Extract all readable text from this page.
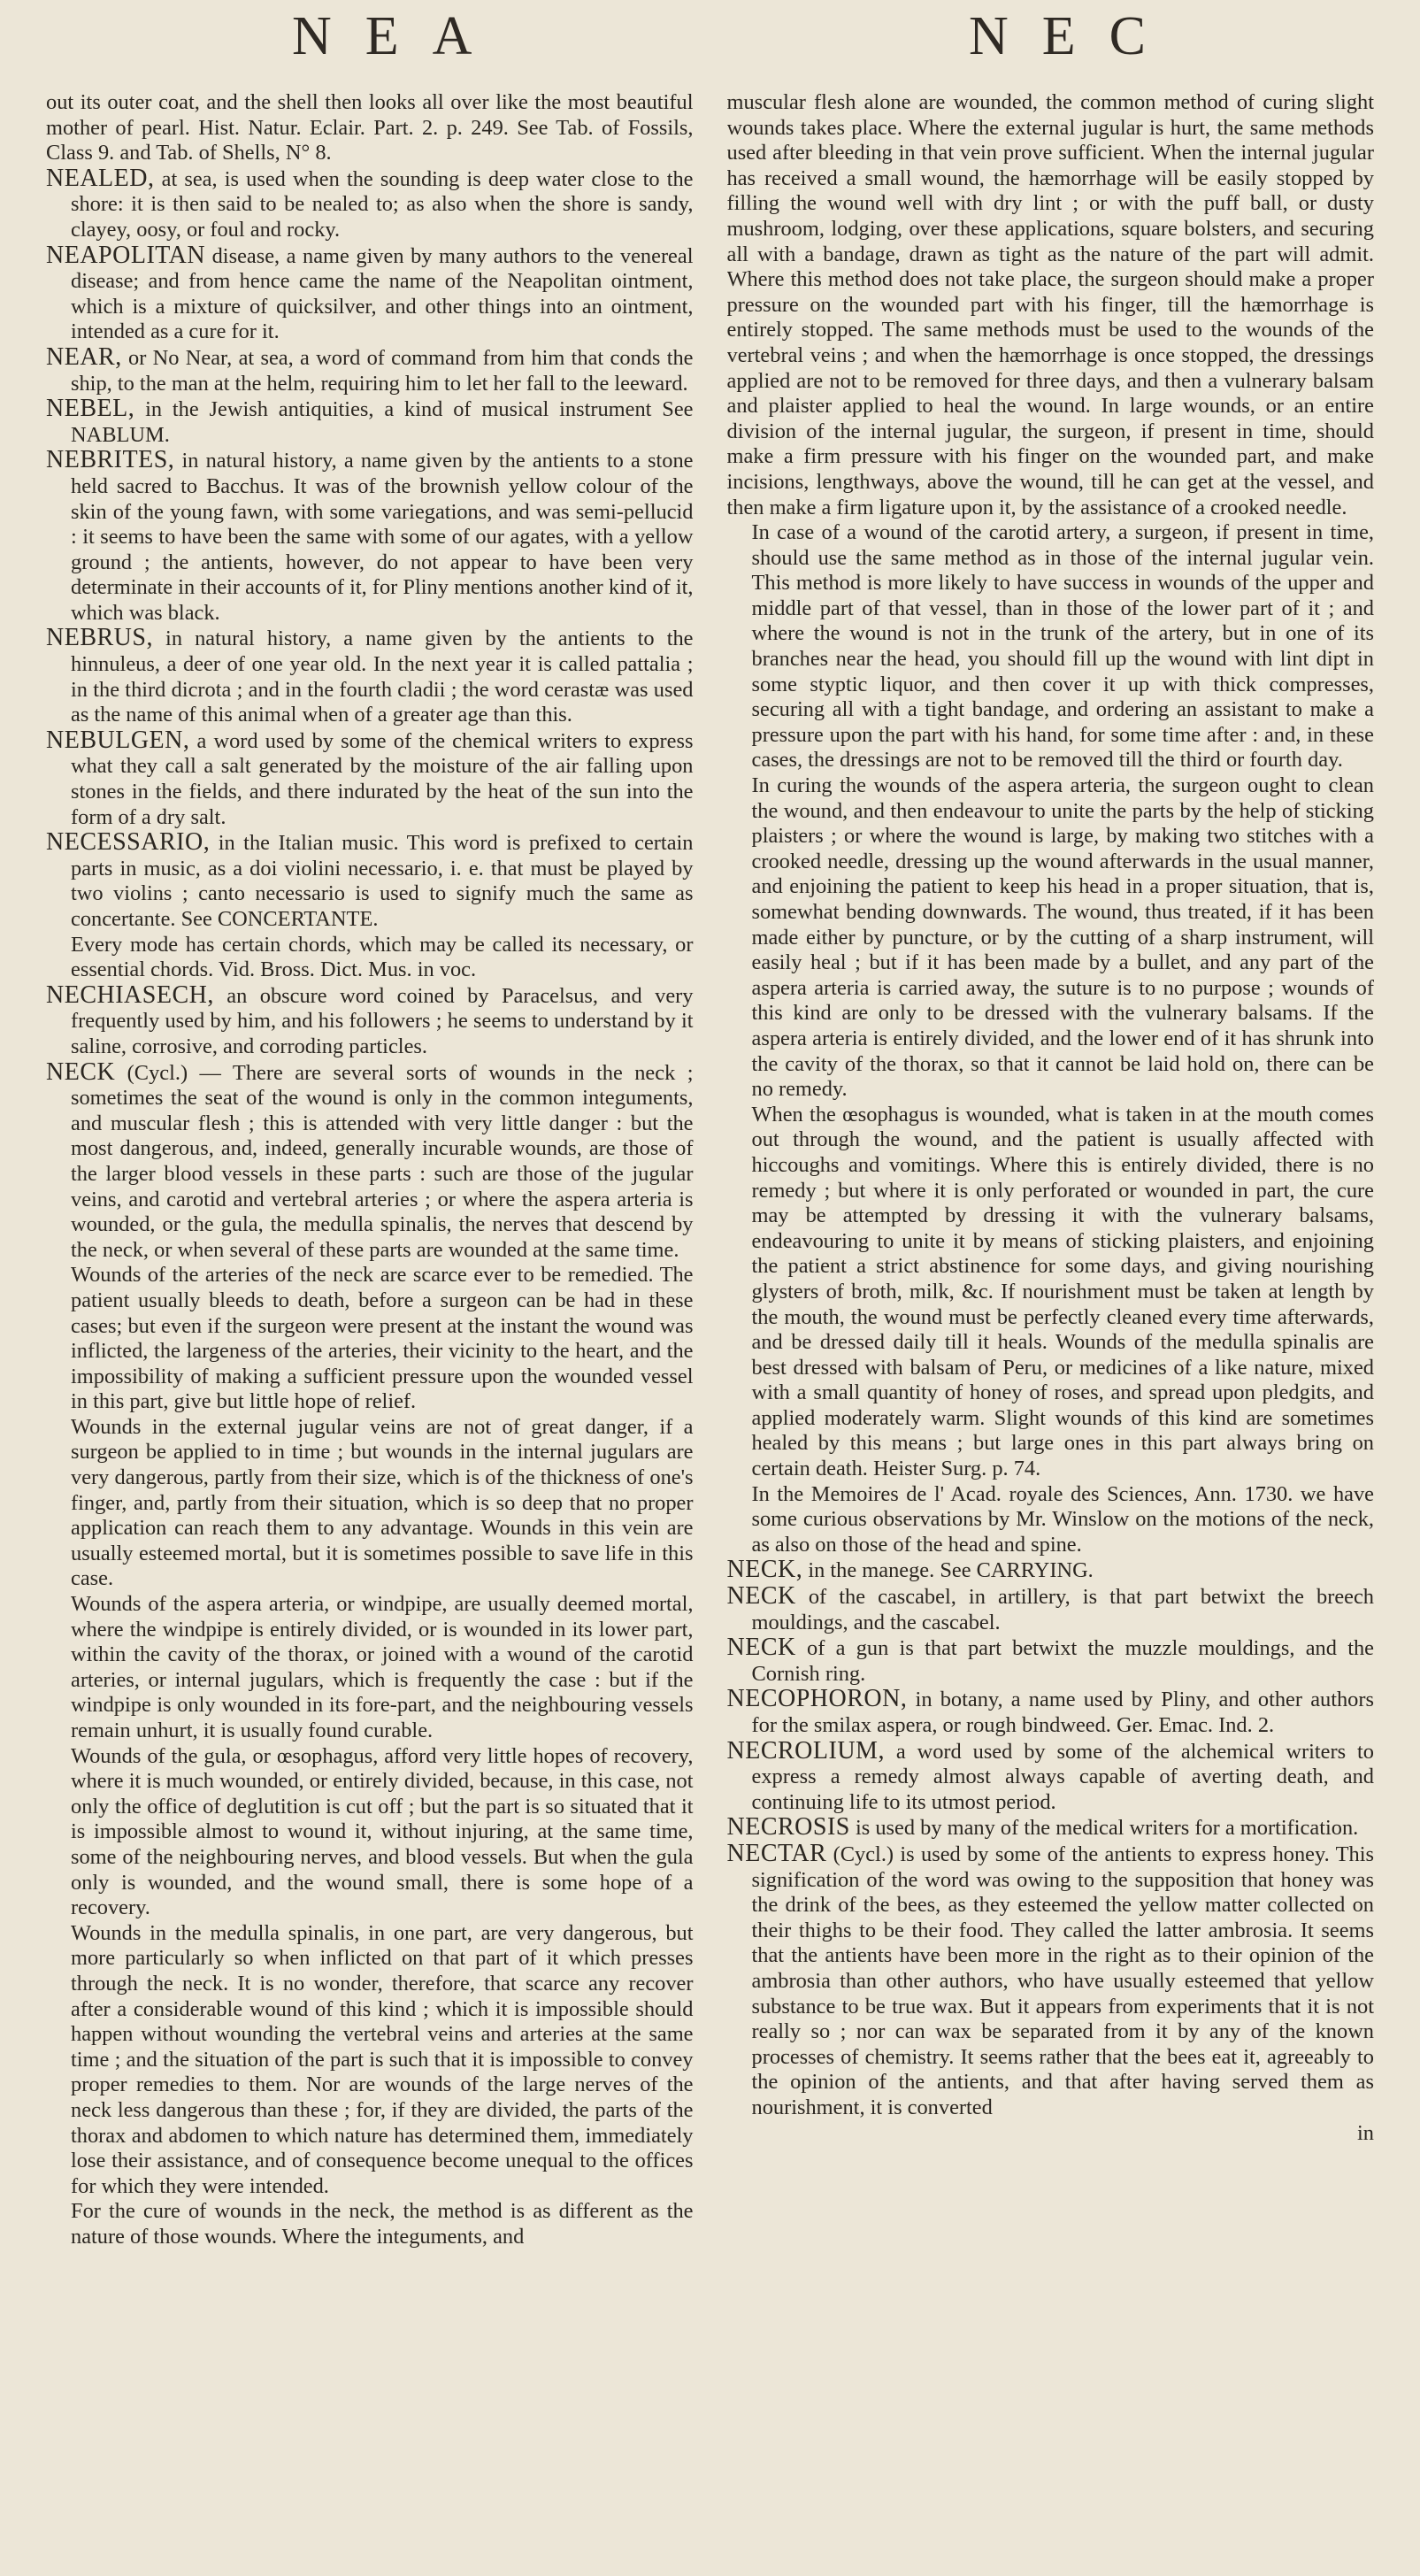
NEA	NEC

out its outer coat, and the shell then looks all over like the most beautiful mother of pearl. Hist. Natur. Eclair. Part. 2. p. 249. See Tab. of Fossils, Class 9. and Tab. of Shells, N° 8.

NEALED, at sea, is used when the sounding is deep water close to the shore: it is then said to be nealed to; as also when the shore is sandy, clayey, oosy, or foul and rocky.

NEAPOLITAN disease, a name given by many authors to the venereal disease; and from hence came the name of the Neapolitan ointment, which is a mixture of quicksilver, and other things into an ointment, intended as a cure for it.

NEAR, or No Near, at sea, a word of command from him that conds the ship, to the man at the helm, requiring him to let her fall to the leeward.

NEBEL, in the Jewish antiquities, a kind of musical instrument See NABLUM.

NEBRITES, in natural history, a name given by the antients to a stone held sacred to Bacchus. It was of the brownish yellow colour of the skin of the young fawn, with some variegations, and was semi-pellucid : it seems to have been the same with some of our agates, with a yellow ground ; the antients, however, do not appear to have been very determinate in their accounts of it, for Pliny mentions another kind of it, which was black.

NEBRUS, in natural history, a name given by the antients to the hinnuleus, a deer of one year old. In the next year it is called pattalia ; in the third dicrota ; and in the fourth cladii ; the word cerastæ was used as the name of this animal when of a greater age than this.

NEBULGEN, a word used by some of the chemical writers to express what they call a salt generated by the moisture of the air falling upon stones in the fields, and there indurated by the heat of the sun into the form of a dry salt.

NECESSARIO, in the Italian music. This word is prefixed to certain parts in music, as a doi violini necessario, i. e. that must be played by two violins ; canto necessario is used to signify much the same as concertante. See CONCERTANTE.

Every mode has certain chords, which may be called its necessary, or essential chords. Vid. Bross. Dict. Mus. in voc.

NECHIASECH, an obscure word coined by Paracelsus, and very frequently used by him, and his followers ; he seems to understand by it saline, corrosive, and corroding particles.

NECK (Cycl.) — There are several sorts of wounds in the neck ; sometimes the seat of the wound is only in the common integuments, and muscular flesh ; this is attended with very little danger : but the most dangerous, and, indeed, generally incurable wounds, are those of the larger blood vessels in these parts : such are those of the jugular veins, and carotid and vertebral arteries ; or where the aspera arteria is wounded, or the gula, the medulla spinalis, the nerves that descend by the neck, or when several of these parts are wounded at the same time.

Wounds of the arteries of the neck are scarce ever to be remedied. The patient usually bleeds to death, before a surgeon can be had in these cases; but even if the surgeon were present at the instant the wound was inflicted, the largeness of the arteries, their vicinity to the heart, and the impossibility of making a sufficient pressure upon the wounded vessel in this part, give but little hope of relief.

Wounds in the external jugular veins are not of great danger, if a surgeon be applied to in time ; but wounds in the internal jugulars are very dangerous, partly from their size, which is of the thickness of one's finger, and, partly from their situation, which is so deep that no proper application can reach them to any advantage. Wounds in this vein are usually esteemed mortal, but it is sometimes possible to save life in this case.

Wounds of the aspera arteria, or windpipe, are usually deemed mortal, where the windpipe is entirely divided, or is wounded in its lower part, within the cavity of the thorax, or joined with a wound of the carotid arteries, or internal jugulars, which is frequently the case : but if the windpipe is only wounded in its fore-part, and the neighbouring vessels remain unhurt, it is usually found curable.

Wounds of the gula, or œsophagus, afford very little hopes of recovery, where it is much wounded, or entirely divided, because, in this case, not only the office of deglutition is cut off ; but the part is so situated that it is impossible almost to wound it, without injuring, at the same time, some of the neighbouring nerves, and blood vessels. But when the gula only is wounded, and the wound small, there is some hope of a recovery.

Wounds in the medulla spinalis, in one part, are very dangerous, but more particularly so when inflicted on that part of it which presses through the neck. It is no wonder, therefore, that scarce any recover after a considerable wound of this kind ; which it is impossible should happen without wounding the vertebral veins and arteries at the same time ; and the situation of the part is such that it is impossible to convey proper remedies to them. Nor are wounds of the large nerves of the neck less dangerous than these ; for, if they are divided, the parts of the thorax and abdomen to which nature has determined them, immediately lose their assistance, and of consequence become unequal to the offices for which they were intended.

For the cure of wounds in the neck, the method is as different as the nature of those wounds. Where the integuments, and

muscular flesh alone are wounded, the common method of curing slight wounds takes place. Where the external jugular is hurt, the same methods used after bleeding in that vein prove sufficient. When the internal jugular has received a small wound, the hæmorrhage will be easily stopped by filling the wound well with dry lint ; or with the puff ball, or dusty mushroom, lodging, over these applications, square bolsters, and securing all with a bandage, drawn as tight as the nature of the part will admit. Where this method does not take place, the surgeon should make a proper pressure on the wounded part with his finger, till the hæmorrhage is entirely stopped. The same methods must be used to the wounds of the vertebral veins ; and when the hæmorrhage is once stopped, the dressings applied are not to be removed for three days, and then a vulnerary balsam and plaister applied to heal the wound. In large wounds, or an entire division of the internal jugular, the surgeon, if present in time, should make a firm pressure with his finger on the wounded part, and make incisions, lengthways, above the wound, till he can get at the vessel, and then make a firm ligature upon it, by the assistance of a crooked needle.

In case of a wound of the carotid artery, a surgeon, if present in time, should use the same method as in those of the internal jugular vein. This method is more likely to have success in wounds of the upper and middle part of that vessel, than in those of the lower part of it ; and where the wound is not in the trunk of the artery, but in one of its branches near the head, you should fill up the wound with lint dipt in some styptic liquor, and then cover it up with thick compresses, securing all with a tight bandage, and ordering an assistant to make a pressure upon the part with his hand, for some time after : and, in these cases, the dressings are not to be removed till the third or fourth day.

In curing the wounds of the aspera arteria, the surgeon ought to clean the wound, and then endeavour to unite the parts by the help of sticking plaisters ; or where the wound is large, by making two stitches with a crooked needle, dressing up the wound afterwards in the usual manner, and enjoining the patient to keep his head in a proper situation, that is, somewhat bending downwards. The wound, thus treated, if it has been made either by puncture, or by the cutting of a sharp instrument, will easily heal ; but if it has been made by a bullet, and any part of the aspera arteria is carried away, the suture is to no purpose ; wounds of this kind are only to be dressed with the vulnerary balsams. If the aspera arteria is entirely divided, and the lower end of it has shrunk into the cavity of the thorax, so that it cannot be laid hold on, there can be no remedy.

When the œsophagus is wounded, what is taken in at the mouth comes out through the wound, and the patient is usually affected with hiccoughs and vomitings. Where this is entirely divided, there is no remedy ; but where it is only perforated or wounded in part, the cure may be attempted by dressing it with the vulnerary balsams, endeavouring to unite it by means of sticking plaisters, and enjoining the patient a strict abstinence for some days, and giving nourishing glysters of broth, milk, &c. If nourishment must be taken at length by the mouth, the wound must be perfectly cleaned every time afterwards, and be dressed daily till it heals. Wounds of the medulla spinalis are best dressed with balsam of Peru, or medicines of a like nature, mixed with a small quantity of honey of roses, and spread upon pledgits, and applied moderately warm. Slight wounds of this kind are sometimes healed by this means ; but large ones in this part always bring on certain death. Heister Surg. p. 74.

In the Memoires de l' Acad. royale des Sciences, Ann. 1730. we have some curious observations by Mr. Winslow on the motions of the neck, as also on those of the head and spine.

NECK, in the manege. See CARRYING.

NECK of the cascabel, in artillery, is that part betwixt the breech mouldings, and the cascabel.

NECK of a gun is that part betwixt the muzzle mouldings, and the Cornish ring.

NECOPHORON, in botany, a name used by Pliny, and other authors for the smilax aspera, or rough bindweed. Ger. Emac. Ind. 2.

NECROLIUM, a word used by some of the alchemical writers to express a remedy almost always capable of averting death, and continuing life to its utmost period.

NECROSIS is used by many of the medical writers for a mortification.

NECTAR (Cycl.) is used by some of the antients to express honey. This signification of the word was owing to the supposition that honey was the drink of the bees, as they esteemed the yellow matter collected on their thighs to be their food. They called the latter ambrosia. It seems that the antients have been more in the right as to their opinion of the ambrosia than other authors, who have usually esteemed that yellow substance to be true wax. But it appears from experiments that it is not really so ; nor can wax be separated from it by any of the known processes of chemistry. It seems rather that the bees eat it, agreeably to the opinion of the antients, and that after having served them as nourishment, it is converted

in
